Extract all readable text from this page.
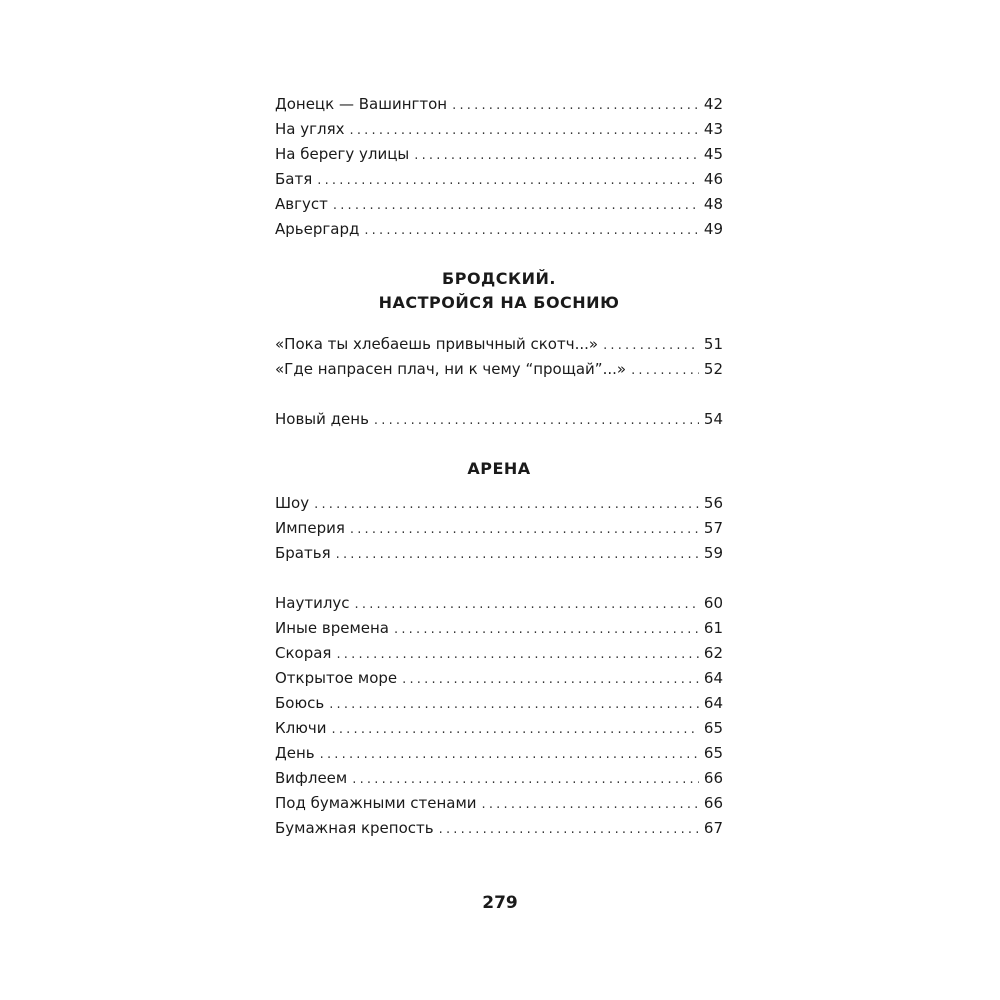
Донецк — Вашингтон .....	42
На углях .....	43
На берегу улицы .....	45
Батя .....	46
Август .....	48
Арьергард .....	49
БРОДСКИЙ.
НАСТРОЙСЯ НА БОСНИЮ
«Пока ты хлебаешь привычный скотч...» .....	51
«Где напрасен плач, ни к чему “прощай”...» .....	52
Новый день .....	54
АРЕНА
Шоу .....	56
Империя .....	57
Братья .....	59
Наутилус .....	60
Иные времена .....	61
Скорая .....	62
Открытое море .....	64
Боюсь .....	64
Ключи .....	65
День .....	65
Вифлеем .....	66
Под бумажными стенами .....	66
Бумажная крепость .....	67
279
